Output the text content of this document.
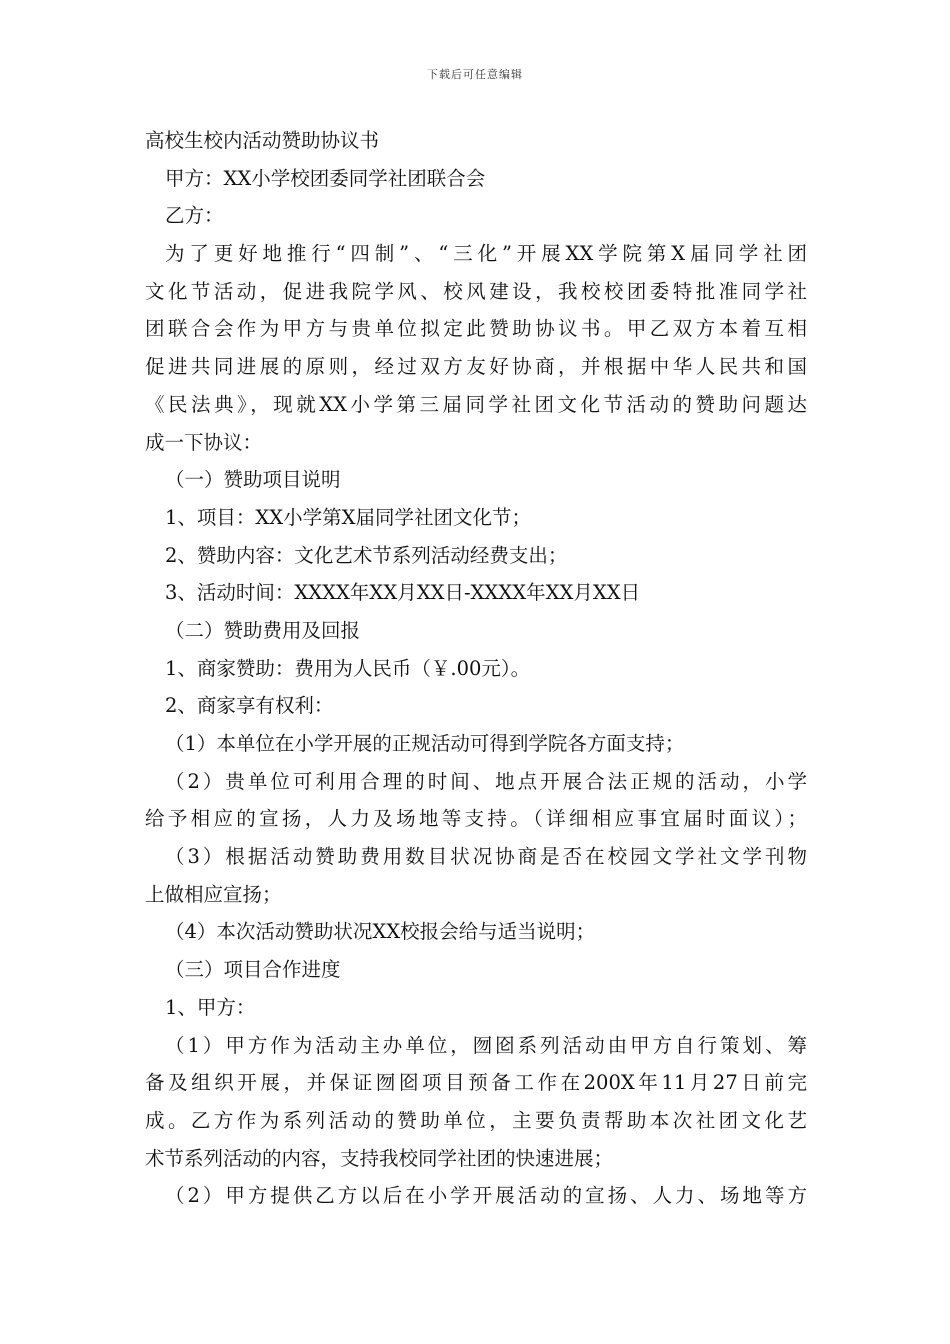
下载后可任意编辑
高校生校内活动赞助协议书
甲方：XX小学校团委同学社团联合会
乙方：
为了更好地推行“四制”、“三化”开展XX学院第X届同学社团
文化节活动，促进我院学风、校风建设，我校校团委特批准同学社
团联合会作为甲方与贵单位拟定此赞助协议书。甲乙双方本着互相
促进共同进展的原则，经过双方友好协商，并根据中华人民共和国
《民法典》，现就XX小学第三届同学社团文化节活动的赞助问题达
成一下协议：
（一）赞助项目说明
1、项目：XX小学第X届同学社团文化节；
2、赞助内容：文化艺术节系列活动经费支出；
3、活动时间：XXXX年XX月XX日-XXXX年XX月XX日
（二）赞助费用及回报
1、商家赞助：费用为人民币（￥.00元）。
2、商家享有权利：
（1）本单位在小学开展的正规活动可得到学院各方面支持；
（2）贵单位可利用合理的时间、地点开展合法正规的活动，小学
给予相应的宣扬，人力及场地等支持。（详细相应事宜届时面议）；
（3）根据活动赞助费用数目状况协商是否在校园文学社文学刊物
上做相应宣扬；
（4）本次活动赞助状况XX校报会给与适当说明；
（三）项目合作进度
1、甲方：
（1）甲方作为活动主办单位，囫囵系列活动由甲方自行策划、筹
备及组织开展，并保证囫囵项目预备工作在200X年11月27日前完
成。乙方作为系列活动的赞助单位，主要负责帮助本次社团文化艺
术节系列活动的内容，支持我校同学社团的快速进展；
（2）甲方提供乙方以后在小学开展活动的宣扬、人力、场地等方
